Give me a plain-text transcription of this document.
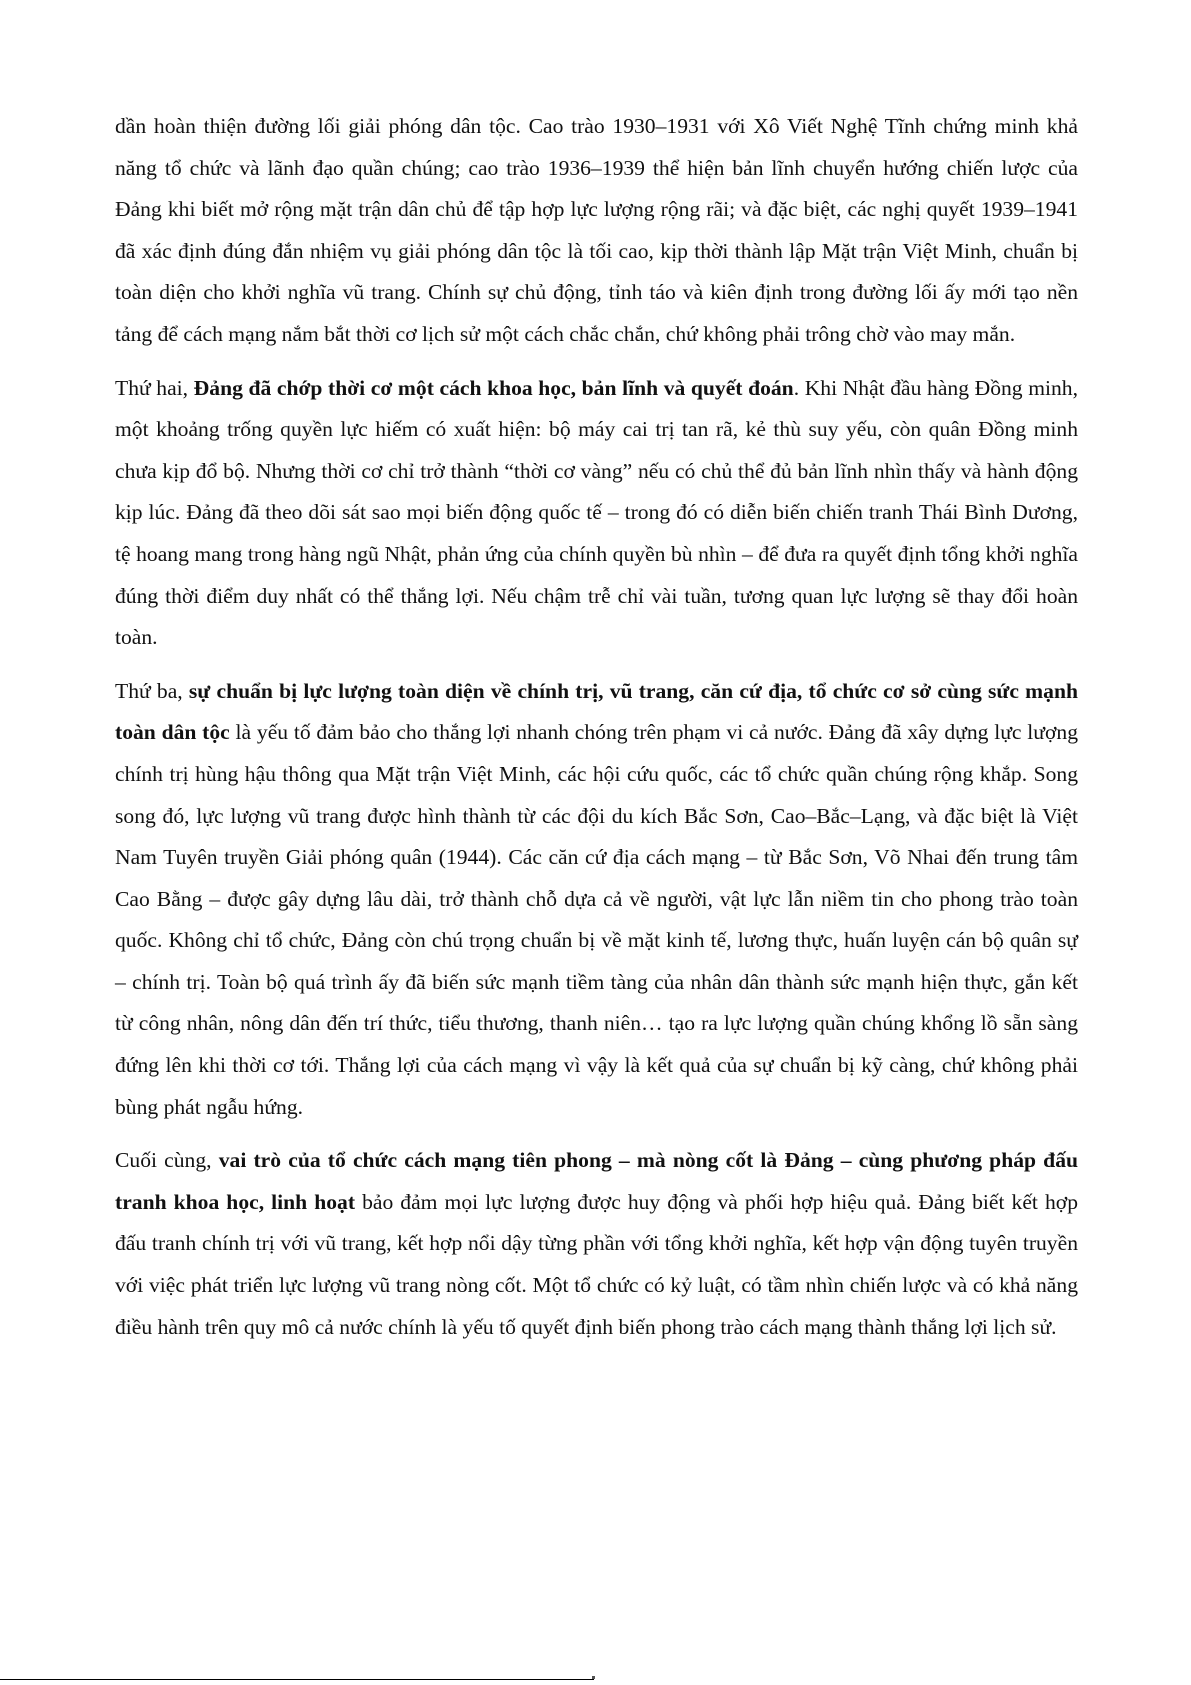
dần hoàn thiện đường lối giải phóng dân tộc. Cao trào 1930–1931 với Xô Viết Nghệ Tĩnh chứng minh khả năng tổ chức và lãnh đạo quần chúng; cao trào 1936–1939 thể hiện bản lĩnh chuyển hướng chiến lược của Đảng khi biết mở rộng mặt trận dân chủ để tập hợp lực lượng rộng rãi; và đặc biệt, các nghị quyết 1939–1941 đã xác định đúng đắn nhiệm vụ giải phóng dân tộc là tối cao, kịp thời thành lập Mặt trận Việt Minh, chuẩn bị toàn diện cho khởi nghĩa vũ trang. Chính sự chủ động, tỉnh táo và kiên định trong đường lối ấy mới tạo nền tảng để cách mạng nắm bắt thời cơ lịch sử một cách chắc chắn, chứ không phải trông chờ vào may mắn.

Thứ hai, Đảng đã chớp thời cơ một cách khoa học, bản lĩnh và quyết đoán. Khi Nhật đầu hàng Đồng minh, một khoảng trống quyền lực hiếm có xuất hiện: bộ máy cai trị tan rã, kẻ thù suy yếu, còn quân Đồng minh chưa kịp đổ bộ. Nhưng thời cơ chỉ trở thành “thời cơ vàng” nếu có chủ thể đủ bản lĩnh nhìn thấy và hành động kịp lúc. Đảng đã theo dõi sát sao mọi biến động quốc tế – trong đó có diễn biến chiến tranh Thái Bình Dương, tệ hoang mang trong hàng ngũ Nhật, phản ứng của chính quyền bù nhìn – để đưa ra quyết định tổng khởi nghĩa đúng thời điểm duy nhất có thể thắng lợi. Nếu chậm trễ chỉ vài tuần, tương quan lực lượng sẽ thay đổi hoàn toàn.

Thứ ba, sự chuẩn bị lực lượng toàn diện về chính trị, vũ trang, căn cứ địa, tổ chức cơ sở cùng sức mạnh toàn dân tộc là yếu tố đảm bảo cho thắng lợi nhanh chóng trên phạm vi cả nước. Đảng đã xây dựng lực lượng chính trị hùng hậu thông qua Mặt trận Việt Minh, các hội cứu quốc, các tổ chức quần chúng rộng khắp. Song song đó, lực lượng vũ trang được hình thành từ các đội du kích Bắc Sơn, Cao–Bắc–Lạng, và đặc biệt là Việt Nam Tuyên truyền Giải phóng quân (1944). Các căn cứ địa cách mạng – từ Bắc Sơn, Võ Nhai đến trung tâm Cao Bằng – được gây dựng lâu dài, trở thành chỗ dựa cả về người, vật lực lẫn niềm tin cho phong trào toàn quốc. Không chỉ tổ chức, Đảng còn chú trọng chuẩn bị về mặt kinh tế, lương thực, huấn luyện cán bộ quân sự – chính trị. Toàn bộ quá trình ấy đã biến sức mạnh tiềm tàng của nhân dân thành sức mạnh hiện thực, gắn kết từ công nhân, nông dân đến trí thức, tiểu thương, thanh niên… tạo ra lực lượng quần chúng khổng lồ sẵn sàng đứng lên khi thời cơ tới. Thắng lợi của cách mạng vì vậy là kết quả của sự chuẩn bị kỹ càng, chứ không phải bùng phát ngẫu hứng.

Cuối cùng, vai trò của tổ chức cách mạng tiên phong – mà nòng cốt là Đảng – cùng phương pháp đấu tranh khoa học, linh hoạt bảo đảm mọi lực lượng được huy động và phối hợp hiệu quả. Đảng biết kết hợp đấu tranh chính trị với vũ trang, kết hợp nổi dậy từng phần với tổng khởi nghĩa, kết hợp vận động tuyên truyền với việc phát triển lực lượng vũ trang nòng cốt. Một tổ chức có kỷ luật, có tầm nhìn chiến lược và có khả năng điều hành trên quy mô cả nước chính là yếu tố quyết định biến phong trào cách mạng thành thắng lợi lịch sử.
